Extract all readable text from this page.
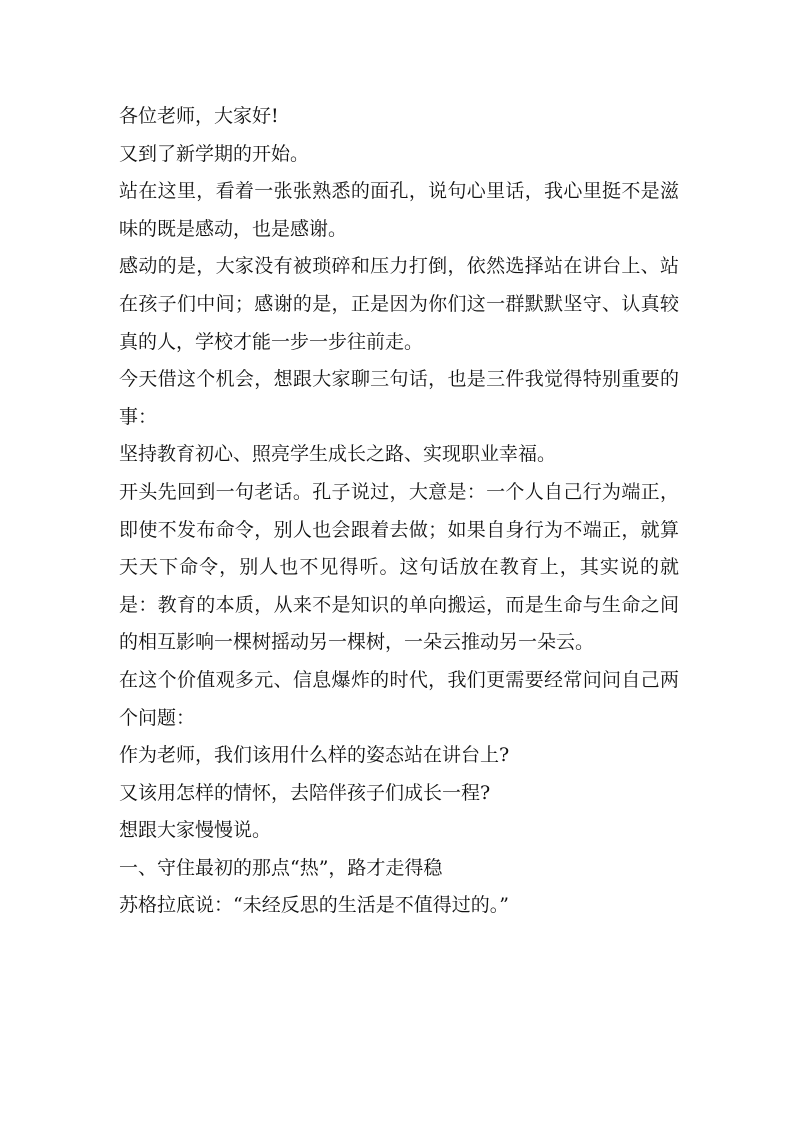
各位老师，大家好!

又到了新学期的开始。

站在这里，看着一张张熟悉的面孔，说句心里话，我心里挺不是滋味的既是感动，也是感谢。

感动的是，大家没有被琐碎和压力打倒，依然选择站在讲台上、站在孩子们中间；感谢的是，正是因为你们这一群默默坚守、认真较真的人，学校才能一步一步往前走。

今天借这个机会，想跟大家聊三句话，也是三件我觉得特别重要的事：

坚持教育初心、照亮学生成长之路、实现职业幸福。

开头先回到一句老话。孔子说过，大意是：一个人自己行为端正，即使不发布命令，别人也会跟着去做；如果自身行为不端正，就算天天下命令，别人也不见得听。这句话放在教育上，其实说的就是：教育的本质，从来不是知识的单向搬运，而是生命与生命之间的相互影响一棵树摇动另一棵树，一朵云推动另一朵云。

在这个价值观多元、信息爆炸的时代，我们更需要经常问问自己两个问题：

作为老师，我们该用什么样的姿态站在讲台上?

又该用怎样的情怀，去陪伴孩子们成长一程?

想跟大家慢慢说。

一、守住最初的那点“热”，路才走得稳

苏格拉底说：“未经反思的生活是不值得过的。”
